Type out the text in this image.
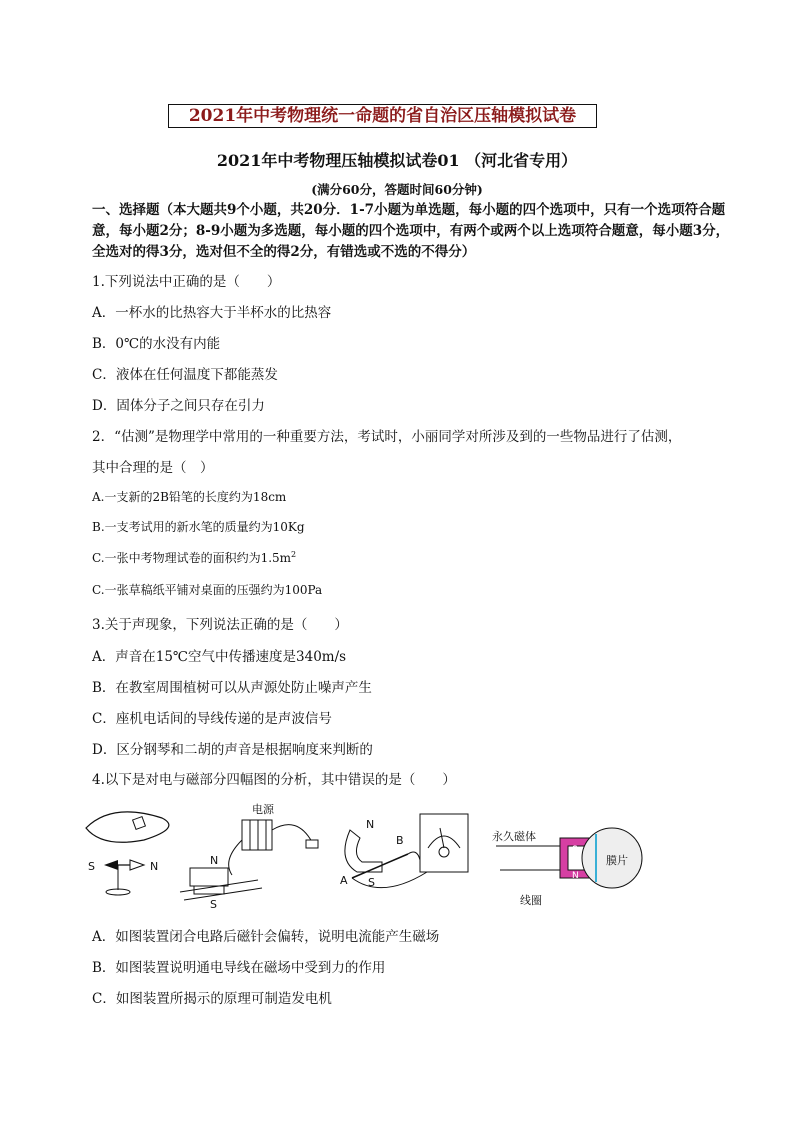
2021年中考物理统一命题的省自治区压轴模拟试卷
2021年中考物理压轴模拟试卷01 （河北省专用）
(满分60分，答题时间60分钟)
一、选择题（本大题共9个小题，共20分．1-7小题为单选题，每小题的四个选项中，只有一个选项符合题意，每小题2分；8-9小题为多选题，每小题的四个选项中，有两个或两个以上选项符合题意，每小题3分，全选对的得3分，选对但不全的得2分，有错选或不选的不得分）
1.下列说法中正确的是（　　）
A．一杯水的比热容大于半杯水的比热容
B．0℃的水没有内能
C．液体在任何温度下都能蒸发
D．固体分子之间只存在引力
2．“估测”是物理学中常用的一种重要方法，考试时，小丽同学对所涉及到的一些物品进行了估测，
其中合理的是（　）
A.一支新的2B铅笔的长度约为18cm
B.一支考试用的新水笔的质量约为10Kg
C.一张中考物理试卷的面积约为$1.5m^2$
C.一张草稿纸平铺对桌面的压强约为100Pa
3.关于声现象，下列说法正确的是（　　）
A．声音在15℃空气中传播速度是340m/s
B．在教室周围植树可以从声源处防止噪声产生
C．座机电话间的导线传递的是声波信号
D．区分钢琴和二胡的声音是根据响度来判断的
4.以下是对电与磁部分四幅图的分析，其中错误的是（　　）
S	N
电源
N
S
N
B
A S
永久磁体
线圈
膜片
S
N
A．如图装置闭合电路后磁针会偏转，说明电流能产生磁场
B．如图装置说明通电导线在磁场中受到力的作用
C．如图装置所揭示的原理可制造发电机
